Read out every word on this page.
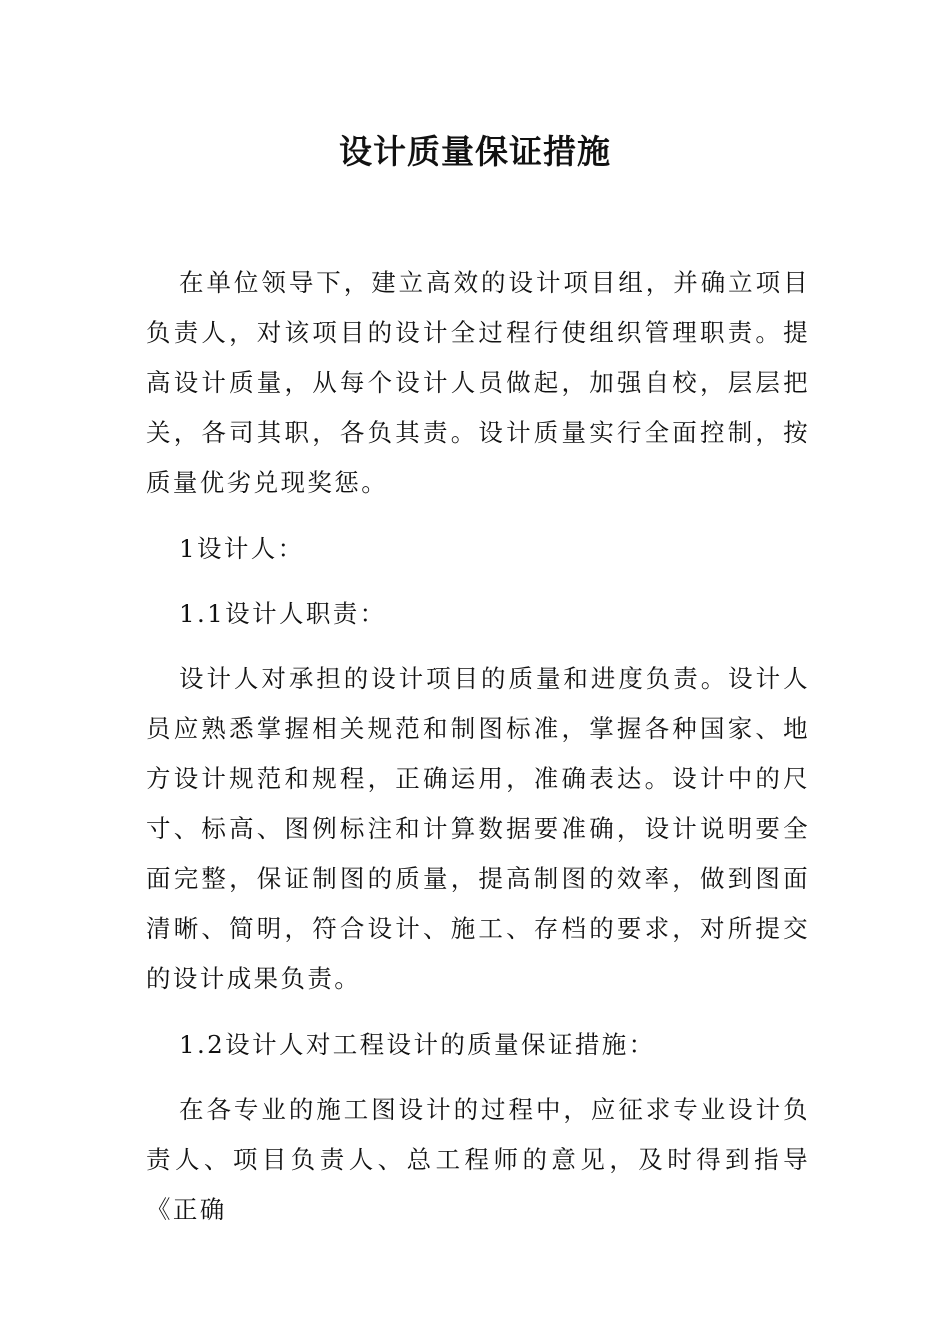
设计质量保证措施

在单位领导下，建立高效的设计项目组，并确立项目负责人，对该项目的设计全过程行使组织管理职责。提高设计质量，从每个设计人员做起，加强自校，层层把关，各司其职，各负其责。设计质量实行全面控制，按质量优劣兑现奖惩。

1设计人：

1.1设计人职责：

设计人对承担的设计项目的质量和进度负责。设计人员应熟悉掌握相关规范和制图标准，掌握各种国家、地方设计规范和规程，正确运用，准确表达。设计中的尺寸、标高、图例标注和计算数据要准确，设计说明要全面完整，保证制图的质量，提高制图的效率，做到图面清晰、简明，符合设计、施工、存档的要求，对所提交的设计成果负责。

1.2设计人对工程设计的质量保证措施：

在各专业的施工图设计的过程中，应征求专业设计负责人、项目负责人、总工程师的意见，及时得到指导《正确
